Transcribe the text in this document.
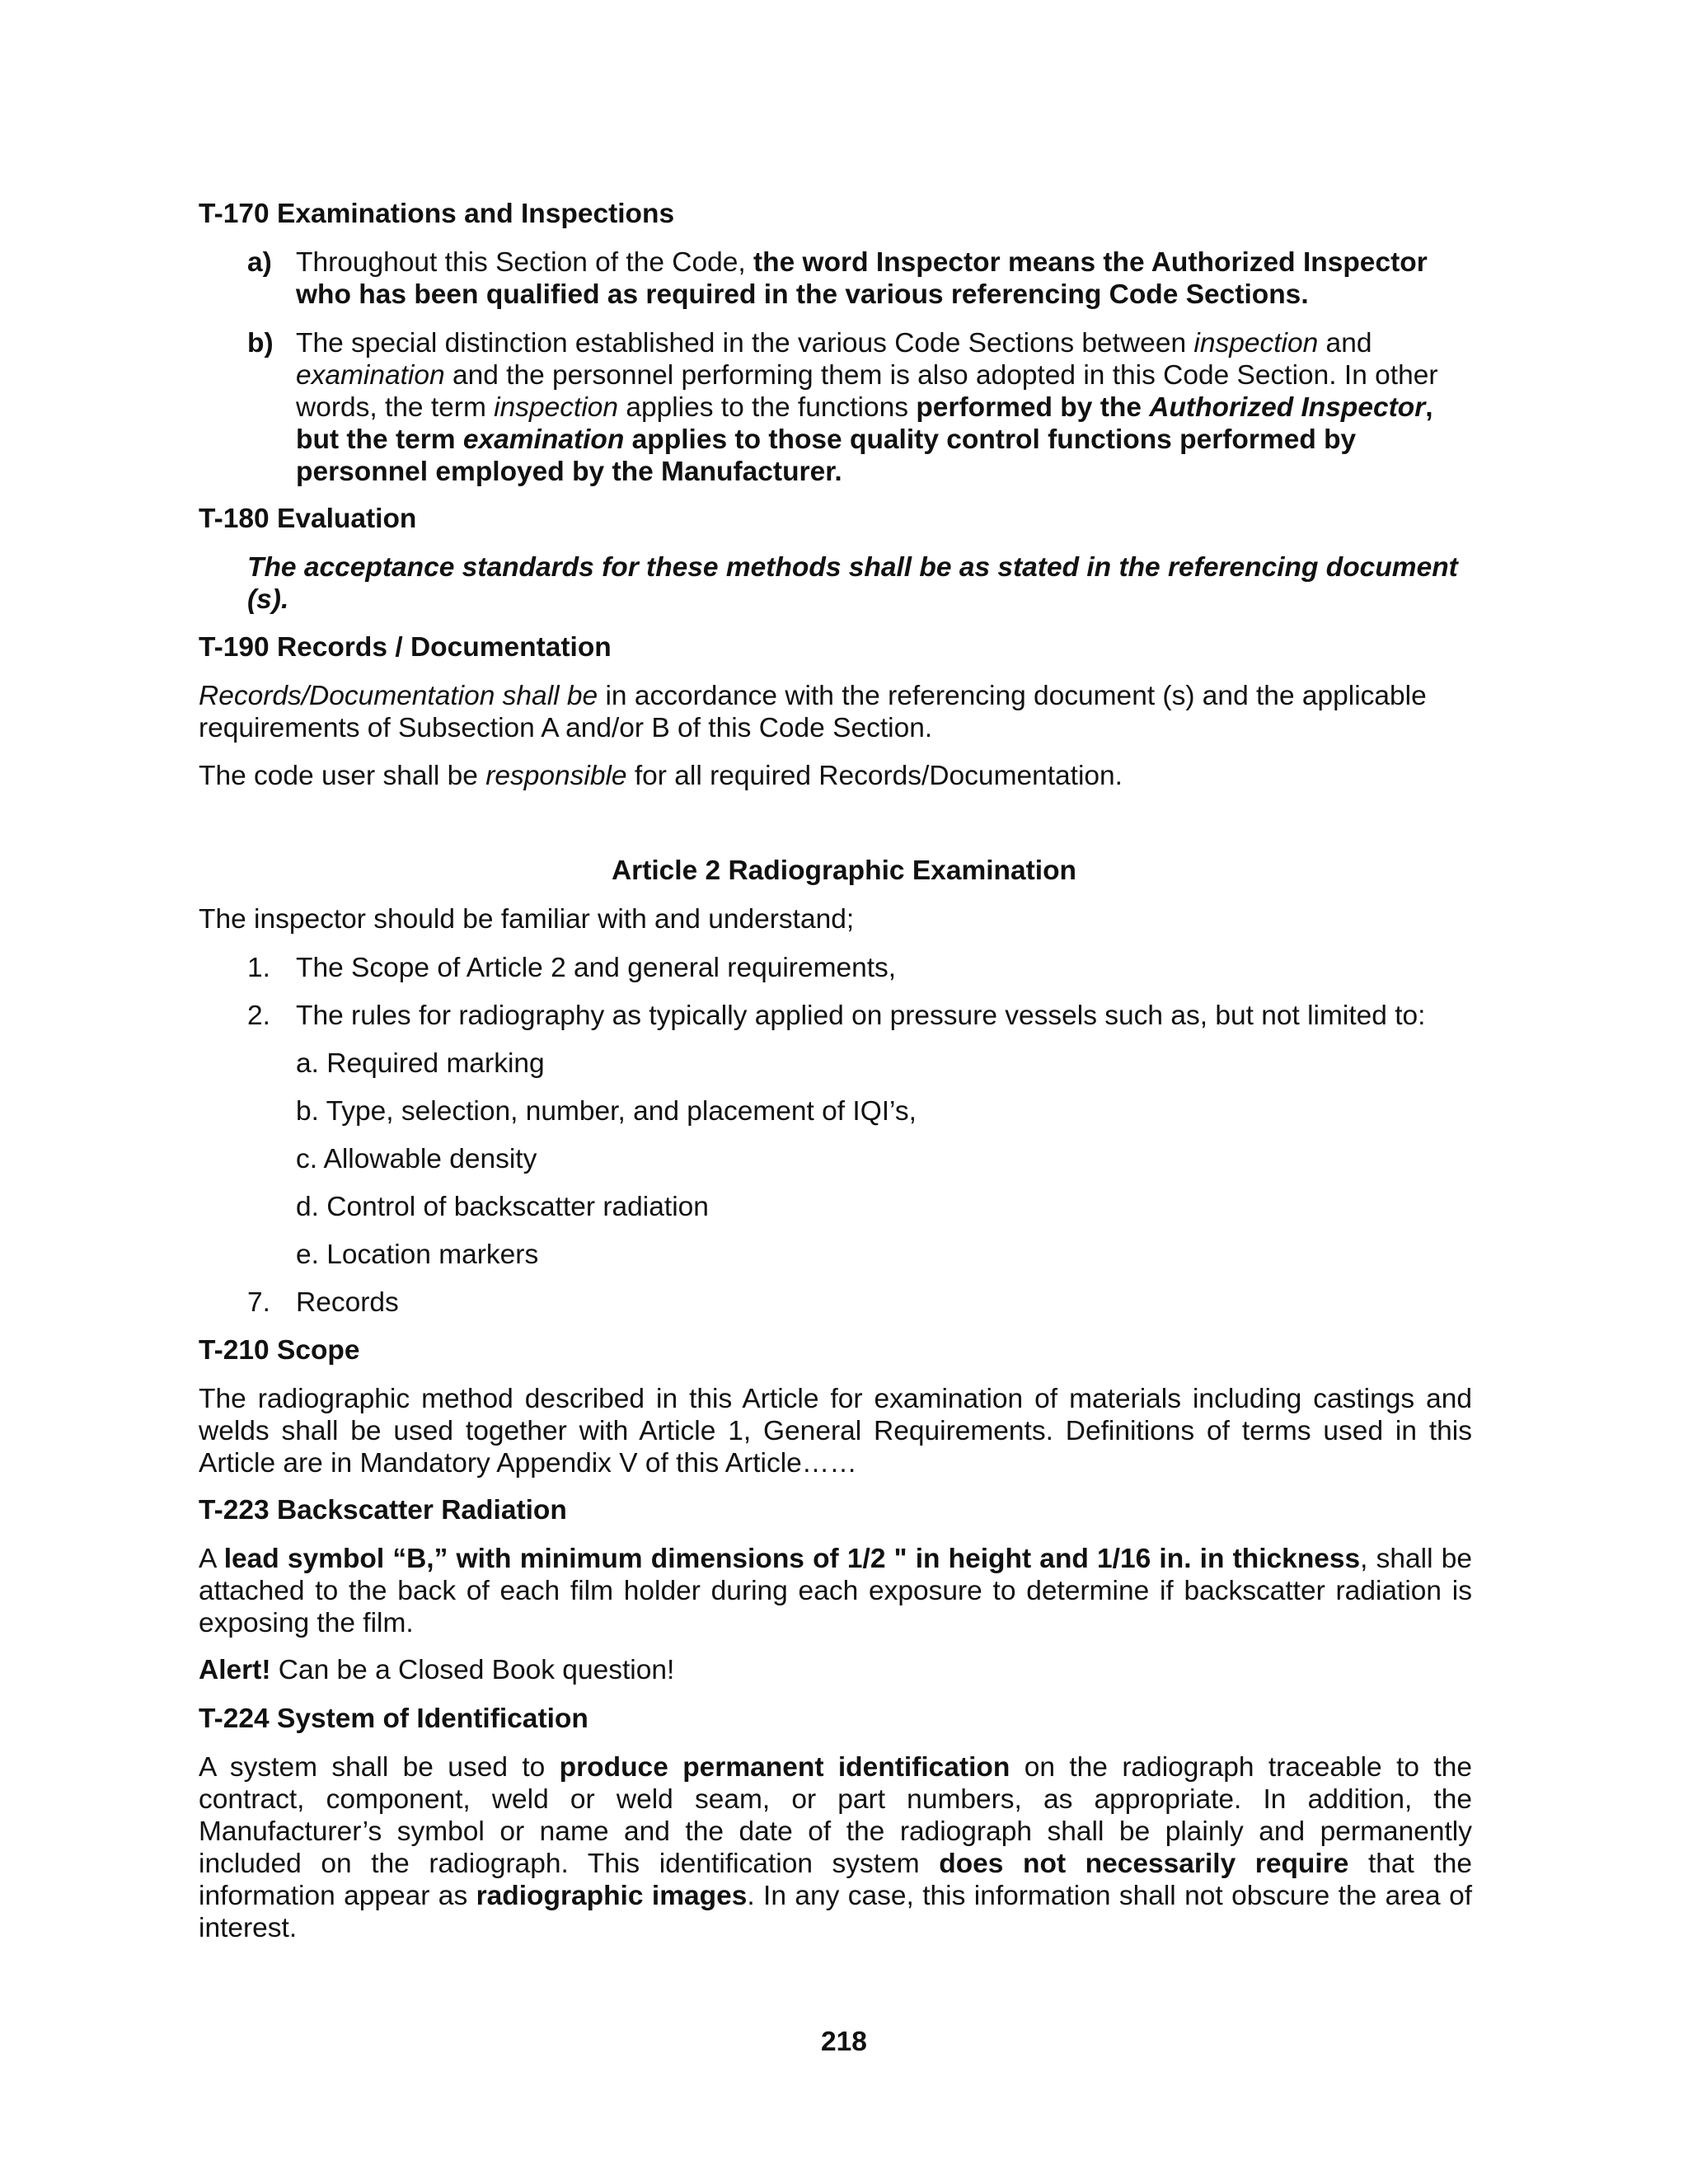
T-170 Examinations and Inspections
a) Throughout this Section of the Code, the word Inspector means the Authorized Inspector who has been qualified as required in the various referencing Code Sections.
b) The special distinction established in the various Code Sections between inspection and examination and the personnel performing them is also adopted in this Code Section. In other words, the term inspection applies to the functions performed by the Authorized Inspector, but the term examination applies to those quality control functions performed by personnel employed by the Manufacturer.
T-180 Evaluation

The acceptance standards for these methods shall be as stated in the referencing document (s).

T-190 Records / Documentation

Records/Documentation shall be in accordance with the referencing document (s) and the applicable requirements of Subsection A and/or B of this Code Section.

The code user shall be responsible for all required Records/Documentation.

Article 2 Radiographic Examination

The inspector should be familiar with and understand;

1. The Scope of Article 2 and general requirements,
2. The rules for radiography as typically applied on pressure vessels such as, but not limited to:
a. Required marking
b. Type, selection, number, and placement of IQI’s,
c. Allowable density
d. Control of backscatter radiation
e. Location markers
7. Records
T-210 Scope

The radiographic method described in this Article for examination of materials including castings and welds shall be used together with Article 1, General Requirements. Definitions of terms used in this Article are in Mandatory Appendix V of this Article……

T-223 Backscatter Radiation

A lead symbol “B,” with minimum dimensions of 1/2 " in height and 1/16 in. in thickness, shall be attached to the back of each film holder during each exposure to determine if backscatter radiation is exposing the film.

Alert! Can be a Closed Book question!

T-224 System of Identification

A system shall be used to produce permanent identification on the radiograph traceable to the contract, component, weld or weld seam, or part numbers, as appropriate. In addition, the Manufacturer’s symbol or name and the date of the radiograph shall be plainly and permanently included on the radiograph. This identification system does not necessarily require that the information appear as radiographic images. In any case, this information shall not obscure the area of interest.

218
